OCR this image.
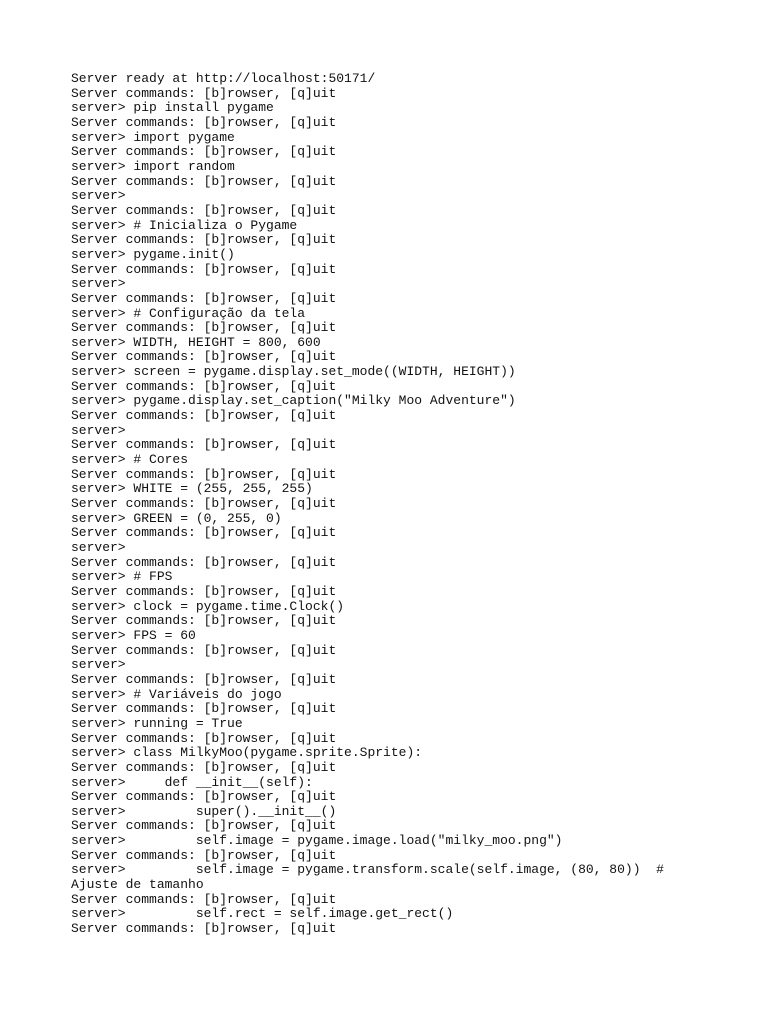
Server ready at http://localhost:50171/
Server commands: [b]rowser, [q]uit
server> pip install pygame
Server commands: [b]rowser, [q]uit
server> import pygame
Server commands: [b]rowser, [q]uit
server> import random
Server commands: [b]rowser, [q]uit
server>
Server commands: [b]rowser, [q]uit
server> # Inicializa o Pygame
Server commands: [b]rowser, [q]uit
server> pygame.init()
Server commands: [b]rowser, [q]uit
server>
Server commands: [b]rowser, [q]uit
server> # Configuração da tela
Server commands: [b]rowser, [q]uit
server> WIDTH, HEIGHT = 800, 600
Server commands: [b]rowser, [q]uit
server> screen = pygame.display.set_mode((WIDTH, HEIGHT))
Server commands: [b]rowser, [q]uit
server> pygame.display.set_caption("Milky Moo Adventure")
Server commands: [b]rowser, [q]uit
server>
Server commands: [b]rowser, [q]uit
server> # Cores
Server commands: [b]rowser, [q]uit
server> WHITE = (255, 255, 255)
Server commands: [b]rowser, [q]uit
server> GREEN = (0, 255, 0)
Server commands: [b]rowser, [q]uit
server>
Server commands: [b]rowser, [q]uit
server> # FPS
Server commands: [b]rowser, [q]uit
server> clock = pygame.time.Clock()
Server commands: [b]rowser, [q]uit
server> FPS = 60
Server commands: [b]rowser, [q]uit
server>
Server commands: [b]rowser, [q]uit
server> # Variáveis do jogo
Server commands: [b]rowser, [q]uit
server> running = True
Server commands: [b]rowser, [q]uit
server> class MilkyMoo(pygame.sprite.Sprite):
Server commands: [b]rowser, [q]uit
server>     def __init__(self):
Server commands: [b]rowser, [q]uit
server>         super().__init__()
Server commands: [b]rowser, [q]uit
server>         self.image = pygame.image.load("milky_moo.png")
Server commands: [b]rowser, [q]uit
server>         self.image = pygame.transform.scale(self.image, (80, 80))  # Ajuste de tamanho
Server commands: [b]rowser, [q]uit
server>         self.rect = self.image.get_rect()
Server commands: [b]rowser, [q]uit
